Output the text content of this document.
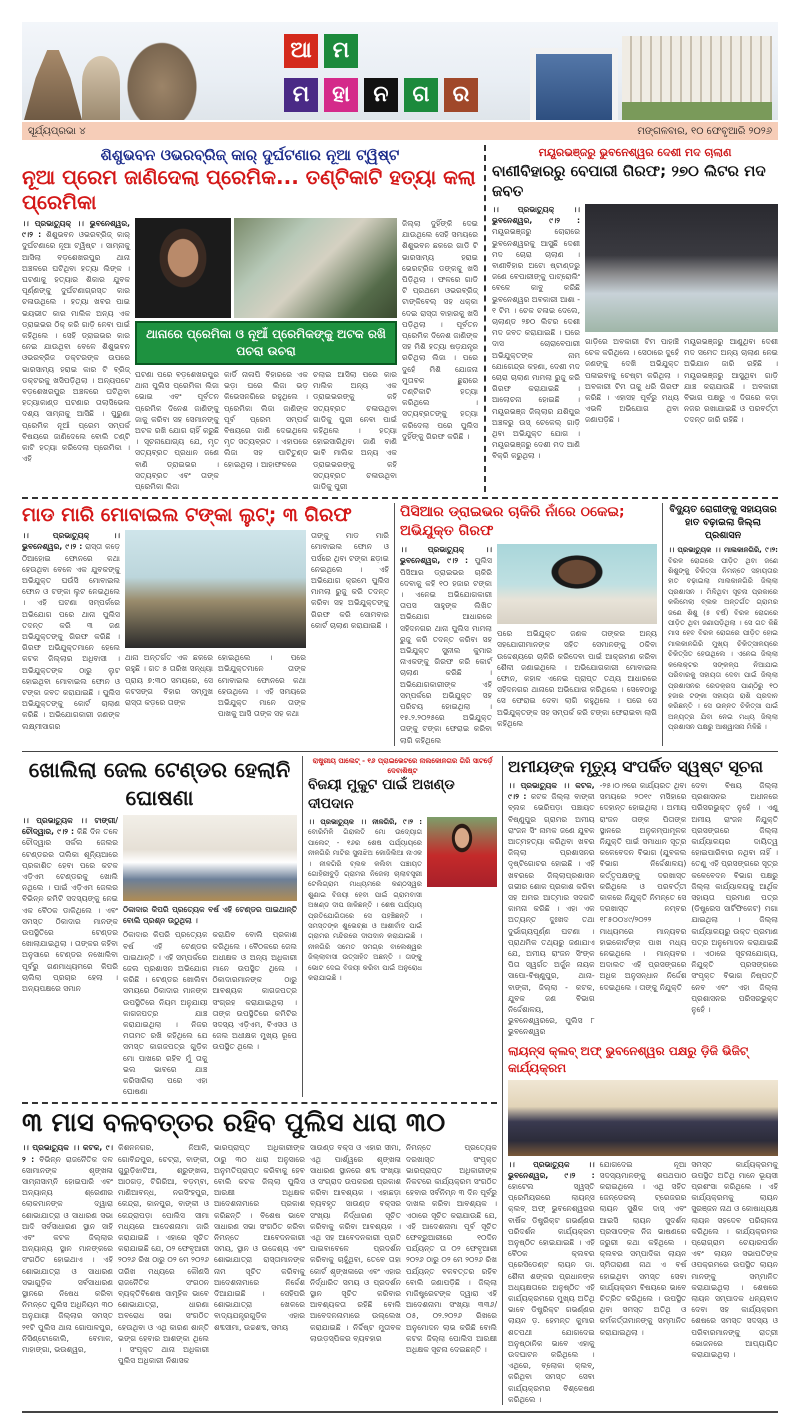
ଆ ମ
ମ	ହା	ନ	ଗ	ର
ସୂର୍ଯ୍ୟପ୍ରଭା ୪	ମଙ୍ଗଳବାର, ୧୦ ଫେବୃଆରି ୨୦୨୬
ଶିଶୁଭବନ ଓଭରବ୍ରିଜ୍ କାର୍ ଦୁର୍ଘଟଣାର ନୂଆ ଟ୍ୱିଷ୍ଟ
ନୂଆ ପ୍ରେମ ଜାଣିଦେଲା ପ୍ରେମିକ... ତଣ୍ଟିକାଟି ହତ୍ୟା କଲା ପ୍ରେମିକା
।। ପ୍ରଭାତ୍ୟୁକ୍ ।। ଭୁବନେଶ୍ୱର, ୯।୨ : ଶିଶୁଭବନ ଓଭରବ୍ରିଜ୍ କାର୍ ଦୁର୍ଘଟଣାରେ ନୂଆ ଟ୍ୱିଷ୍ଟ । ସାମ୍ନାକୁ ଆସିଲା ବଡ଼ଶେଖରପୁର ଥାନା ଅଞ୍ଚଳରେ ଘଟିଥିବା ହତ୍ୟା ଲିଙ୍କ । ଘଟଣାକୁ ହତ୍ୟାର ଶିକାର ଯୁବକ ପୂର୍ଣ୍ଣଙ୍କୁ ଦୁର୍ଘଟଣାଗ୍ରସ୍ତ କାର ଚଳାଉଥିଲେ । ହତ୍ୟା ଖବର ପାଇ ଭୟଭୀତ କାର ମାଲିକ ଅନ୍ୟ ଏକ ଡ୍ରାଇଭର ଠିକ୍ କରି ଗାଡ଼ି ନେବା ପାଇଁ କହିଥିଲେ । ସେହି ଡ୍ରାଇଭର କାର ନେଇ ଯାଉଥିବା ବେଳେ ଶିଶୁଭବନ ଓଭରବ୍ରିଜ ଡକ୍ଟରଙ୍କ ଉପରେ ଭାରସାମ୍ୟ ହରାଇ କାର ଟି ବ୍ରିଜ୍ ଡକ୍ଟରକୁ ଖସିପଡ଼ିଥିଲା । ଅନ୍ୟପଟେ ବଡ଼ଶେଖରପୁର ଅଞ୍ଚଳରେ ଘଟିଥିବା ହତ୍ୟାକାଣ୍ଡ ଘଟଣାର ତାଲାସିଭେଲ ଦଶ୍ୟ ସାମ୍ନାକୁ ଆସିଛି । ପୁରୁଣା ପ୍ରେମିକ ନୂଆଁ ପ୍ରେମ ସମ୍ପର୍କ ବିଷୟରେ ଜାଣିଦେଲେ ବୋଲି ତଣ୍ଟି କାଟି ହତ୍ୟା କରିଦେଲା ପ୍ରେମିକା । ଏହି
ଥାନାରେ ପ୍ରେମିକା ଓ ନୂଆଁ ପ୍ରେମିକଙ୍କୁ ଅଟକ ରଖି ପଚରା ଉଚରା
ଘଟଣା ପରେ ବଡ଼ଶେଖରପୁର ଥାନା ପୁଲିସ ପ୍ରେମିକା ଲିଜା ଭୋଇ ଏବଂ ପୂର୍ବତନ ପ୍ରେମିକ ଦିନେଶ ଜାଣିଙ୍କୁ ଜାକୁ କରିବା ସହ ସେମାନଙ୍କୁ ଅଟକ ରଖି ଯୋଗ ଚାହିଁ କରୁଛି । ସୂଚନାଯୋଗ୍ୟ ଯେ, ମୃତ ସତ୍ୟବ୍ରତ ପ୍ରଧାନ ଜଣେ ବାଣି ଡ୍ରାଇଭର । ସତ୍ୟବ୍ରତ ଏବଂ ତାଙ୍କ ପ୍ରେମିକା ଲିଜା
କାର୍ଡି ନାଳାପି ବିହାରରେ ଏକ ଭଡ଼ା ଘରେ ଲିଜା ଭଡ଼ କିଭେସନଗିରେ ରହୁଥିଲେ । ପ୍ରେମିକା ଲିଜା ଜାଣିଙ୍କ ପୂର୍ବ ପ୍ରେମ ସମ୍ପର୍କ ବିଷୟରେ ଜାଣି ଦେଇଥିଲେ ମୃତ ସତ୍ୟବ୍ରତ । ଏହାପରେ ଲିଜା ସହ ପାଟିତୁଣ୍ଡ ହୋଇଥିଲା । ଆହାଫଳରେ
ଚଲାଇ ଆସିଲା ପରେ କାର ମାଲିକ ଅନ୍ୟ ଏକ ଡ୍ରାଇଭରଙ୍କୁ କହି ସତ୍ୟବ୍ରତ ଚଳାଉଥିବା ଗାଡିକୁ ପୁରୀ ନେବା ପାଇଁ କହିଥିଲେ । ହତ୍ୟା ହୋଇସାରିଥିବା ଜାଣି ବାଣି ଭାବି ମାଲିକ ଅନ୍ୟ ଏକ ଡ୍ରାଇଭରଙ୍କୁ କହି ସତ୍ୟବ୍ରତ ଚଳାଉଥିବା ଗାଡିକୁ ପୁରୀ
ଜିଲ୍ଲା ଦୁହିଁଙ୍କି ଦେଇ ଯାଉଥିଲେ ସେହି ସମୟରେ ଶିଶୁଭବନ ଛକରେ ଗାଡି ଟି ଭାରସାମ୍ୟ ହରାଇ ଭେରଟ୍ରିଜ ଡଙ୍କକୁ ଖସି ପିଡ଼ିଥିଲା । ଫଳରେ ଗାଡି ଟି ପ୍ରଥମେ ଓଭରବ୍ରିଜ୍ ଟାଙ୍କିବେଲ୍ ସହ ଧକ୍କା ଦେଇ ରାସ୍ତା ବାହାରକୁ ଖସି ପଡ଼ିଥିଲା । ପୂର୍ବତନ ପ୍ରେମିକ ଦିନେଶ ଜାଣିଙ୍କ ସହ ମିଶି ହତ୍ୟା ଷଡ଼ଯନ୍ତ୍ର ରଚିଥିଲା ଲିଜା । ପରେ ଦୁହେଁ ମିଶି ଯୋଜନା ମୁତାବକ ଛୁରାରେ ତଣ୍ଟିକାଟି ହତ୍ୟା କରିଥିଲେ । ସତ୍ୟବ୍ରତଙ୍କୁ ହତ୍ୟା କରିଦେଲା ପରେ ପୁଲିସ ଦୁହିଁଙ୍କୁ ଗିରଫ କରିଛି ।
ମୟୂରଭଞ୍ଜରୁ ଭୁବନେଶ୍ୱର ଦେଶୀ ମଦ ଚାଲାଣ
ବାଣୀବିହାରରୁ ବେପାରୀ ଗିରଫ; ୨୭୦ ଲିଟର ମଦ ଜବତ
।। ପ୍ରଭାତ୍ୟୁକ୍ ।। ଭୁବନେଶ୍ୱର, ୯।୨ : ମୟୂରଭଞ୍ଜରୁ ଚୋରାରେ ଭୁବନେଶ୍ୱରକୁ ଆସୁଛି ଦେଶୀ ମଦ ଚୋରା ଚାଲାଣ । ବାଣୀବିହାର ଅଟୋ ଷ୍ଟାଣ୍ଡରୁ ଜଣେ ବେପାରୀଙ୍କୁ ପାଟ୍ରୋଲିଂ ବେଳେ କାବୁ କରିଛି ଭୁବନେଶ୍ୱର ଅବକାରୀ ଆଶା - ୧ ଟିମ । ଚେକ ଚଳାଇ ଦେଲେ, ଚାଲାଣ୍ଡ ୨୭୦ ଲିଟର ଦେଶୀ ମଦ ଜବତ କରାଯାଇଛି । ଘରେ ଦାସ ଚୋରାବେପାରୀ ଅଭିଯୁକ୍ତଙ୍କ ନାମ ଯୋଗେନ୍ଦ୍ର କହଣା, ଦେଶୀ ମଦ ଚୋରା ଚାଲାଣ ମାମଲା ରୁଜୁ କରି ଗିରଫ କରାଯାଇଛି । ଆଲୋଚନା ହୋଇଛି । ମୟୂରଭଞ୍ଜ ଜିଲ୍ଲାର ଯଶିପୁର ଅଞ୍ଚଳରୁ ଉସ୍ ଚେକେଲ୍ ଗାଡ଼ି ଥିବା ଅଭିଯୁକ୍ତ ଯୋଗ । ମୟୂରଭଞ୍ଜରୁ ଦେଶୀ ମଦ ଆଣି ବିକ୍ରି କରୁଥିଲା ।
ଗାଡ଼ିରେ ଅବକାରୀ ଟିମ ପାହାଞ୍ଚି ଚେକ କରିଥିଲେ । ସେଠାରେ ଦୁହେଁ ଜଣଙ୍କୁ ଦେଖି ଅଭିଯୁକ୍ତ ପଳାଇବାକୁ ଚେଷ୍ଟା କରିଥିଲା । ଅବକାରୀ ଟିମ ତାକୁ ଧରି ଗିରଫ କରିଛି । ଏହାସହ ପୂର୍ବରୁ ମଧ୍ୟ ଏଭଳି ଅଭିଯୋଗ ଥିବା ଜଣାପଡ଼ିଛି ।
ମୟୂରଭଞ୍ଜରୁ ଆଣୁଥିବା ଦେଶୀ ମଦ ସମେତ ଅନ୍ୟ ଚାଲାଣ ନେଇ ଅଭିଯାନ ଜାରି ରହିଛି । ମୟୂରଭଞ୍ଜରୁ ଆସୁଥିବା ଗାଡ଼ି ଯାଞ୍ଚ କରାଯାଉଛି । ଅବକାରୀ ବିଭାଗ ପକ୍ଷରୁ ଏ ଦିଗରେ କଡ଼ା ନଜର ରଖାଯାଇଛି ଓ ପରବର୍ତ୍ତୀ ତଦନ୍ତ ଜାରି ରହିଛି ।
ମାଡ ମାରି ମୋବାଇଲ ଟଙ୍କା ଲୁଟ୍; ୩ ଗିରଫ
।। ପ୍ରଭାତ୍ୟୁକ୍ ।। ଭୁବନେଶ୍ୱର, ୯।୨ : ରାସ୍ତା କଡ଼େ ଠିଆହୋଇ ଫୋନରେ କଥା ହେଉଥିବା ବେଳେ ଏକ ଯୁବକଙ୍କୁ ଅଭିଯୁକ୍ତ ଘଉଁସି ମୋବାଇଲ ଫୋନ ଓ ଟଙ୍କା ଲୁଟ ନେଇଥିଲେ । ଏହି ଘଟଣା ସମ୍ପର୍କରେ ଅଭିଯୋଗ ପରେ ଥାନା ପୁଲିସ ତଦନ୍ତ କରି ୩ ଜଣ ଅଭିଯୁକ୍ତଙ୍କୁ ଗିରଫ କରିଛି । ଗିରଫ ଅଭିଯୁକ୍ତମାନେ ହେଲେ କଟକ ଜିଲ୍ଲାର ଅଧିବାସୀ । ଅଭିଯୁକ୍ତଙ୍କ ଠାରୁ ଲୁଟ ହୋଇଥିବା ମୋବାଇଲ ଫୋନ ଓ ଟଙ୍କା ଜବତ କରାଯାଇଛି । ପୁଲିସ ଅଭିଯୁକ୍ତଙ୍କୁ କୋର୍ଟ ଚାଲାଣ କରିଛି । ଅଭିଯୋଗକାରୀ ଜଣଙ୍କ ଲକ୍ଷ୍ମୀସାଗର
ଥାନା ଅନ୍ତର୍ଗତ ଏକ ଛକରେ ରହୁଛି । ଗତ ୫ ତାରିଖ ସନ୍ଧ୍ୟା ପ୍ରାୟ ୭:୩୦ ସମୟରେ, ସେ କଟସଙ୍ଗ ବିହାର ସମ୍ମୁଖ ରାସ୍ତା କଡ଼ରେ ତାଙ୍କ
ହୋଇଥିଲେ । ପରେ ଅଭିଯୁକ୍ତମାନେ ତାଙ୍କ ମୋବାଇଲ ଫୋନରେ କଥା ହେଉଥିଲେ । ଏହି ସମୟରେ ଅଭିଯୁକ୍ତ ମାନେ ତାଙ୍କ ପାଖକୁ ଆସି ତାଙ୍କ ସହ କଥା
ତାଙ୍କୁ ମାଡ ମାରି ମୋବାଇଲ ଫୋନ ଓ ପର୍ସରେ ଥିବା ଟଙ୍କା ଛଡ଼ାଇ ନେଇଥିଲେ । ଏହି ଅଭିଯୋଗ କ୍ରମେ ପୁଲିସ ମାମଲା ରୁଜୁ କରି ତଦନ୍ତ କରିବା ସହ ଅଭିଯୁକ୍ତଙ୍କୁ ଗିରଫ କରି ସୋମବାର କୋର୍ଟ ଚାଲାଣ କରାଯାଇଛି ।
ପିସିଆର ଡ୍ରାଇଭର ଚାକିରି ନାଁରେ ଠକେଇ; ଅଭିଯୁକ୍ତ ଗିରଫ
।। ପ୍ରଭାତ୍ୟୁକ୍ ।। ଭୁବନେଶ୍ୱର, ୯।୨ : ପୁଲିସ ପିସିଆର ଡ୍ରାଇଭର ଚାକିରି ଦେବାକୁ କହି ୧୦ ହଜାର ଟଙ୍କା । ଏନେଇ ଅଭିଯୋଗକାରୀ ତାପସ ସାହୁଙ୍କ ଲିଖିତ ଅଭିଯୋଗ ଆଧାରରେ ସହିଦନଗର ଥାନା ପୁଲିସ ମାମଲା ରୁଜୁ କରି ତଦନ୍ତ କରିବା ସହ ଅଭିଯୁକ୍ତ ସୁନୀଲ କୁମାର ନାଏକଙ୍କୁ ଗିରଫ କରି କୋର୍ଟ ଚାଲାଣ କରିଛି । ଅଭିଯୋଗକାରୀଙ୍କ ଏହି ସମ୍ପର୍କରେ ଅଭିଯୁକ୍ତ ସହ ପରିଚୟ ହୋଇଥିଲା । ୧୫.୨.୨୦୨୫ରେ ଅଭିଯୁକ୍ତ ତାଙ୍କୁ ଟଙ୍କା ଫେରାଇ କରିବା ଲାଗି କହିଥିଲେ
ପରେ ଅଭିଯୁକ୍ତ ଜଣକ ତାଙ୍କର ଅନ୍ୟ ସହଯୋଗୀମାନଙ୍କ ସହିତ ସେମାନଙ୍କୁ ଠକିବା ଉଦ୍ଦେଶ୍ୟରେ ଚାକିରି କରିଦେବା ପାଇଁ ଆକ୍ରମଣ କରିବା ଶୈଳୀ ଜଣାଇଥିଲେ । ଅଭିଯୋଗକାରୀ ମୋବାଇଲ ଫୋନ, କହାଳ ଏନେଇ ପ୍ରାପ୍ତ ତଥ୍ୟ ଆଧାରରେ ସହିଦନଗର ଥାନାରେ ଅଭିଯୋଗ କରିଥିଲେ । ସେବେଠାରୁ ସେ ଫେରାଇ ଦେବା ଲାଗି କହୁଥିଲେ । ପରେ ସେ ଅଭିଯୁକ୍ତଙ୍କ ସହ ସମ୍ପର୍କ କରି ଟଙ୍କା ଫେରାଇବା ଲାଗି କହିଥିଲେ
ବିଦ୍ୟୁତ ରୋଗୀଙ୍କୁ ସହାୟତାର ହାତ ବଢ଼ାଇଲା ଜିଲ୍ଲା ପ୍ରଶାସନ
।। ପ୍ରଭାତ୍ୟୁକ ।। ମାଲକାନଗିରି, ୯।୨: ବିରଳ ରୋଗରେ ପୀଡ଼ିତ ଥିବା ଜଣେ ଶିଶୁଙ୍କୁ ଚିକିତ୍ସା ନିମନ୍ତେ ସହାୟତାର ହାତ ବଢ଼ାଇଲା ମାଲକାନଗିରି ଜିଲ୍ଲା ପ୍ରଶାସନ । ମିଳିଥିବା ସୂଚନା ପ୍ରକାରେ କଲିମେଲା ବ୍ଲକ ଅନ୍ତର୍ଗତ ଗ୍ରାମର ଜଣେ ଶିଶୁ (୫ ବର୍ଷ) ବିରଳ ରୋଗରେ ପୀଡ଼ିତ ଥିବା ଜଣାପଡ଼ିଥିଲା । ସେ ଗତ କିଛି ମାସ ହେବ ବିରଳ ରୋଗରେ ପୀଡ଼ିତ ହୋଇ ମାଲକାନଗିରି ମୁଖ୍ୟ ଚିକିତ୍ସାଳୟରେ ଚିକିତ୍ସିତ ହେଉଥିଲେ । ଏନେଇ ଜିଲ୍ଲା କଲେକ୍ଟର ସଙ୍କଳ୍ପ ନିଆଯାଇ ପରିବାରକୁ ସହାୟତା ଦେବା ପାଇଁ ଜିଲ୍ଲା ପ୍ରଶାସନର ରେଡକ୍ରସ ପାଣ୍ଠିରୁ ୧୦ ହଜାର ଟଙ୍କା ସହାୟତା ରାଶି ପ୍ରଦାନ କରିଛନ୍ତି । ସେ ଉନ୍ନତ ଚିକିତ୍ସା ପାଇଁ ଅନ୍ୟତ୍ର ଯିବା ନେଇ ମଧ୍ୟ ଜିଲ୍ଲା ପ୍ରଶାସନ ପକ୍ଷରୁ ଆଶ୍ୱାସନା ମିଳିଛି ।
ଖୋଲିଲା ଜେଲ ଟେଣ୍ଡର ହେଲାନି ଘୋଷଣା
।। ପ୍ରଭାତ୍ୟୁକ ।। ଟାଙ୍ଗୀ/ ଚୌଦ୍ୱାର, ୯।୨ : କିଛି ଦିନ ତଳେ ଚୌଦ୍ୱାର ସର୍କଲ ଜେଲର ଟେଣ୍ଡରର ତାଲିକା ଶୂନ୍ୟିଆରେ ପ୍ରକାଶିତ ହେବା ପରେ କଟକ ଏଡ଼ିଏମ ଟେଣ୍ଡରକୁ ଖୋଲି ନଥିଲେ । ପାଇଁ ଏଡ଼ିଏମ ଜେଲର ବିଭିନ୍ନ କମିଟି ସଦସ୍ୟଙ୍କୁ ନେଇ ଏକ ବୈଠକ ଡାକିଥିଲେ । ଏବଂ ସମସ୍ତ ଠିକାଦାର ମାନଙ୍କ ଉପସ୍ଥିତିରେ ଟେଣ୍ଡର ଖୋଲାଯାଇଥିଲା । ତାଙ୍କର କହିବା ଅନୁସାରେ ଟେଣ୍ଡର ନଖୋଲିବା ପୂର୍ବରୁ ଗଣମାଧ୍ୟମରେ କିପରି ଚାଲିଲା ପ୍ରଚାର ହେଲା । ଅନ୍ୟପକ୍ଷରେ ସମାନ
ଠିକାଦାର କିପରି ପ୍ରତ୍ୟେକ ବର୍ଷ ଏହି ଟେଣ୍ଡର ପାଇଥାନ୍ତି ବୋଲି ପ୍ରଶ୍ନ ଉଠୁଥିଲା ।
ଠିକାଦାର କିପରି ପ୍ରତ୍ୟେକ ବର୍ଷ ଏହି ଟେଣ୍ଡର ପାଇଥାନ୍ତି । ଏହି ସମ୍ପର୍କରେ ଜେଲ ପ୍ରଶାସନ ଅଭିଯୋଗ କରିଛି । ଟେଣ୍ଡର ଖୋଲିବା ସମୟରେ ଠିକାଦାର ମାନଙ୍କ ଉପସ୍ଥିତିରେ ନିୟମ ଅନୁଯାୟୀ କାଗଜପତ୍ର ଯାଞ୍ଚ କରାଯାଇଥିଲା । ନିଜର ମତାମତ ରଖି କହିଥିଲେ ଯେ ସମସ୍ତ କାଗଜପତ୍ର ଗୁଡ଼ିକ ମୋ ପାଖରେ ରହିବ ମୁଁ ତାକୁ ଭଲ ଭାବରେ ଯାଞ୍ଚ କରିସାରିଲା ପରେ ଏହା ଘୋଷଣା
କରାଯିବ ବୋଲି ପ୍ରକାଶ କରିଥିଲେ । ବୈଠକରେ ଜେଲ ଅଧୀକ୍ଷକ ଓ ଅନ୍ୟ ଅଧିକାରୀ ମାନେ ଉପସ୍ଥିତ ଥିଲେ । ଠିକାଦାରମାନଙ୍କ ଠାରୁ ଆବଶ୍ୟକ କାଗଜପତ୍ର ସଂଗ୍ରହ କରାଯାଇଥିଲା । ତାଙ୍କ ଉପସ୍ଥିତିରେ କମିଟିର ସଦସ୍ୟ ଏଡ଼ିଏମ, ବିଏସଓ ଓ ଜେଲ ଅଧୀକ୍ଷକ ମୁଖ୍ୟ ରୂପେ ଉପସ୍ଥିତ ଥିଲେ ।
ରାଷ୍ଟ୍ରୀୟ ପାଲେଟ୍ - ୧୬ ପ୍ରାଇଭେଟରେ ନାଲକୋନଗର ଗିରି ସାଟର୍ଡ଼େ ଦେବାଶିଷ୍ଟ
ବିଜୟୀ ମୁକୁଟ ପାଇଁ ଅଖଣ୍ଡ ଦୀପଦାନ
।। ପ୍ରଭାତ୍ୟୁକ ।। ନୀଳଗିରି, ୯।୨ : ବୋରିମିଳି ଗିରାଲତି ମୋ ଉଦ୍ୟୋଗ ପାଲେଟ୍ - ୧୬ର ଶେଷ ପର୍ଯ୍ୟାୟରେ ନୀଳଗିରି ମାଟିର ସୁନାଝିଅ କୋଜିଲିଆ ନାଏକ । ନୀଳଗିରି ବ୍ଲକ କଲିବା ପଞ୍ଚାୟତ ଗୋହିରୀବୁଡ଼ି ଗ୍ରାମର ନିଜେଲା ଚାଲାବସ୍ତ୍ରୀ ଟେଲିଗ୍ରାମ ମାଧ୍ୟମରେ କଣ୍ଠସ୍ୱର ଶୁଣାଇ ବିଜୟୀ ହେବା ପାଇଁ ଗ୍ରାମବାସୀ ଅଖଣ୍ଡ ଦୀପ ଜାଳିଛନ୍ତି । ଶେଷ ପର୍ଯ୍ୟାୟ ପ୍ରତିଯୋଗିତାରେ ସେ ପହଞ୍ଚିଛନ୍ତି । ସମସ୍ତଙ୍କ ଶୁଭେଚ୍ଛା ଓ ଆଶୀର୍ବାଦ ପାଇଁ ଗ୍ରାମର ମନ୍ଦିରରେ ଦୀପଦାନ କରାଯାଇଛି । ନୀଳଗିରି ସମେତ ସମଗ୍ର ବାଲେଶ୍ୱର ଜିଲ୍ଲାବାସୀ ଉତ୍ସାହିତ ଅଛନ୍ତି । ତାଙ୍କୁ ଭୋଟ ଦେଇ ବିଜୟୀ କରିବା ପାଇଁ ଅନୁରୋଧ କରାଯାଇଛି ।
୩ ମାସ ବଳବତ୍ତର ରହିବ ପୁଲିସ ଧାରା ୩୦
।। ପ୍ରଭାତ୍ୟୁକ ।। କଟକ, ୯।୨ : ବିଭିନ୍ନ ରାଜନୈତିକ ଦଳ ସୋମାନଙ୍କ ଶୃଙ୍ଖଳା ସାମ୍ନାସାମ୍ନି ହୋଇପାରି ଏବଂ ଅନ୍ୟାନ୍ୟ ଶ୍ରେଣୀର ଲୋକମାନଙ୍କ ଦ୍ୱାରା ଶୋଭାଯାତ୍ରା ଓ ସାଧାରଣ ସଭା ଆଦି ସର୍ବସାଧାରଣ ସ୍ଥାନ ସାହି ଏବଂ କଟକ ଜିଲ୍ଲାର ଅନ୍ୟାନ୍ୟ ସ୍ଥାନ ମାନଙ୍କରେ ସଂଗଠିତ ହୋଇଥାଏ । ଏହି ଶୋଭାଯାତ୍ରା ଓ ସାଧାରଣ ସଭାଗୁଡ଼ିକ ସର୍ବସାଧାରଣ ସ୍ଥାନରେ ନିଷେଧ କରିବା ନିମନ୍ତେ ପୁଲିସ ଅଧିନିୟମ ୩୦ ଅନୁଯାୟୀ ଜିଲ୍ଲାର ସମସ୍ତ ୨୧ଟି ପୁଲିସ ଥାନା ଗୋପାଳପୁର, ନିସିଣ୍ଟୋକୋଲି, ବେମାଳ, ମାହାଙ୍ଗା, ଭଉଶ୍ୱର,
କିଶନନଗର, ନିଆଳି, ଗୋବିନ୍ଦପୁର, ଚେଟ୍ରା, ବାଙ୍କୀ, ଗୁରୁଡ଼ିଝାଟିଆ, ଶ୍ରୁଙ୍ଖଳା, ଆଠଗଡ଼, ଟିଗିରିଆ, ବଡ଼ମ୍ବା, ମାଣିଆବନ୍ଧ, ନରସିଂହପୁର, କେନ୍ଦ୍ରା, କାନପୁର, ବାଙ୍କୀ ଓ କେନ୍ଦ୍ରାପଡ଼ା ପୋଲିସ ସୀମା ମଧ୍ୟରେ ଆଦେଶନାମା ଜାରି କରାଯାଇଛି । ଏହାରେ ସୂଚିତ କରାଯାଇଛି ଯେ, ୦୨ ଫେବୃଆରୀ ୨୦୨୬ ରିଖ ଠାରୁ ୦୨ ମେ ୨୦୨୬ ତାରିଖ ମଧ୍ୟରେ କୌଣସି ରାଜନୈତିକ ସଂଗଠନ ବ୍ୟକ୍ତିବିଶେଷ ସାମୂହିକ ଭାବେ ଶୋଭାଯାତ୍ରା, ଧାରଣା ଅବରୋଧ ସଭା ସଂଗଠିତ ହେଉଥିବା ଓ ଏଥି କାରଣ ଶାନ୍ତି ଭଙ୍ଗ ହେବାର ଆଶଙ୍କା ଥିଲେ । ସଂପୃକ୍ତ ଥାନା ଅଧିକାରୀ ପୁଲିସ ଅଧିକାରୀ ନିଶାସକ
ଭାରପ୍ରାପ୍ତ ଅଧିକାରୀଙ୍କ ଠାରୁ ୩୦ ଧାରା ଅନୁସାରେ ଅନୁମତିପ୍ରାପ୍ତ କରିବାକୁ ହେବ ବୋଲି କଟକ ଜିଲ୍ଲା ପୁଲିସ ଆରକ୍ଷୀ ଅଧିକ୍ଷକ ଆଦେଶନାମାରେ ପ୍ରକାଶ କରିଛନ୍ତି । ବିଶେଷ ଭାବେ ସାଧାରଣ ସଭା ସଂଗଠିତ କରିବା ନିମନ୍ତେ ଆବେଦନକାରୀ ସମୟ, ସ୍ଥାନ ଓ ଉଦ୍ଦେଶ୍ୟ ଏବଂ ଶୋଭାଯାତ୍ରା ରାସ୍ତାମାନଙ୍କ ନାମ ସୂଚିତ କରିବାକୁ ଆଦେଶନାମାରେ ନିର୍ଦ୍ଦେଶ ଦିଆଯାଇଛି । ସେହିପରି ଶୋଭାଯାତ୍ରା ଖେଳରେ ବାଦ୍ୟଯନ୍ତ୍ରଗୁଡ଼ିକ ଏହାର ଶବ୍ଦସୀମା, ଉଚ୍ଚଶବ୍ଦ, ସମୟ
ସାଉଣ୍ଡ ବକ୍ସ ଓ ଏହାର ସୀମା, ଏଥି ପାର୍ଶ୍ୱରେ ଶୃଙ୍ଖଳା ସାଧାରଣ ସ୍ଥାନରେ ଶବ୍ଦ ସଂଖ୍ୟା ଓ ସଂଗ୍ରାଦ ଉପକରଣ ପ୍ରକାଶ କରିବା ଆବଶ୍ୟକ । ଏହାଛଡ଼ା ବ୍ୟବହୃତ ସାଉଣ୍ଡ ବକ୍ସର ସଂଖ୍ୟା ନିର୍ଦ୍ଧାରଣ ସୂଚିତ କରିବାକୁ କରିବା ଆବଶ୍ୟକ । ଏଥି ସହ ଆବେଦନକାରୀ ପ୍ରତି ପାଇବାବେଳେ ପ୍ରଦର୍ଶନ କରିବାକୁ ଚାହୁଁଥିବା, ତେବେ ତାହା କୋର୍ଟ ଶୃଙ୍ଖଳାରେ ଏବଂ ଏହାର ନିର୍ଦ୍ଧାରିତ ସମୟ ଓ ପ୍ରଦର୍ଶନ ସ୍ଥାନ ସୂଚିତ କରିବାର ଆବଶ୍ୟକତା ରହିଛି ବୋଲି ଆବେଦନନାମାରେ ଉଲ୍ଲେଖ କରାଯାଇଛି । ନିର୍ଦ୍ଦିଷ୍ଟ ମୁତାବକ ଲାଉଡ଼ସ୍ପିକର ବ୍ୟବହାର
ନିମନ୍ତେ ପ୍ରତ୍ୟେକ ଦରଖାସ୍ତ ସଂପୃକ୍ତ ଭାରପ୍ରାପ୍ତ ଅଧିକାରୀଙ୍କ ନିକଟରେ କାର୍ଯ୍ୟକ୍ରମ ସଂଗଠିତ ହେବାର ସର୍ବନିମ୍ନ ୩ ଦିନ ପୂର୍ବରୁ ଦାଖଲ କରିବା ଆବଶ୍ୟକ । ଏଠାରେ ସୂଚିତ କରାଯାଉଛି ଯେ, ଏହି ଆଦେଶନାମା ପୂର୍ବ ସୂଚିତ ଫେବ୍ରୁଆରୀରେ ୧୦ଦିନ ପର୍ଯ୍ୟନ୍ତ ତା ୦୨ ଫେବୃଆରୀ ୨୦୨୬ ଠାରୁ ୦୨ ମେ ୨୦୨୬ ରିଖ ପର୍ଯ୍ୟନ୍ତ ବଳବତ୍ତର ରହିବ ବୋଲି ଜଣାପଡ଼ିଛି । ଜିଲ୍ଲା ମାଜିଷ୍ଟ୍ରେଟଙ୍କ ଦ୍ୱାରା ଏହି ଆଦେଶନାମା ସଂଖ୍ୟା ୩୩୬/ ୦୫, ୦୨.୨୦୨୬ ରିଖରେ ଅନୁମୋଦନ ଲାଭ କରିଛି ବୋଲି କଟକ ଜିଲ୍ଲା ପୋଲିସ ଆରକ୍ଷୀ ଅଧିକ୍ଷକ ସୂଚନା ଦେଇଛନ୍ତି ।
ଅମୀୟଙ୍କ ମୃତ୍ୟୁ ସଂପର୍କିତ ସ୍ୱଷ୍ଟ ସୂଚନା
।। ପ୍ରଭାତ୍ୟୁକ ।। କଟକ, ୯।୨ : କଟକ ଜିଲ୍ଲା ବାଙ୍କୀ ବ୍ଲକ ଭେରିପଡ଼ା ପଞ୍ଚାୟତ ବିଷ୍ଣୁପୁର ଗ୍ରାମର ଅମୀୟ ରାଂଜନ ସିଂ ନାମକ ଜଣେ ଯୁବକ ଆତ୍ମହତ୍ୟା କରିଥିବା ଖବର ଜିଲ୍ଲା ପ୍ରଶାସନର ଦୃଷ୍ଟିଗୋଚର ହୋଇଛି । ଏହି ଖବରରେ ଜିଲ୍ଲାପ୍ରଶାସନ ଗଭୀର ଶୋକ ପ୍ରକାଶ କରିବା ସହ ଅମର ଆତ୍ମାର ସଦଗତି କାମନା କରିଛି । ଏହା ଏକ ଅତ୍ୟନ୍ତ ଦୁଃଖଦ ତଥା ଦୁର୍ଭାଗ୍ୟପୂର୍ଣ୍ଣ ଘଟଣା । ପ୍ରାଥମିକ ତଥ୍ୟରୁ ଜଣାଯାଏ ଯେ, ଅମୀୟ ରାଂଜନ ସିଂଙ୍କ ପିତା ସ୍ୱର୍ଗତ ଅର୍ଜୁନ ନାୟକ ସାପୋ-ବିଷ୍ଣୁପୁର, ଥାନା- ବାଙ୍କୀ, ଜିଲ୍ଲା - କଟକ, ଯୁବକ ଜଣ ବିଭାଗ ନିର୍ଦ୍ଦେଶାଳୟ, ଭୁବନେଶ୍ୱରରେ, ପୁଲିସ ୮ ଭୁବନେଶ୍ୱର
-୨୫।୦।୨ରେ କାର୍ଯ୍ୟରତ ଥିବା ସମୟରେ ୨୦୧୯ ମସିହାରେ ଦେହାନ୍ତ ହୋଇଥିଲା । ଅମୀୟ ରାଂଜନ ତାଙ୍କ ପିତାଙ୍କ ସ୍ଥାନରେ ଅନୁକମ୍ପାମୂଳକ ନିଯୁକ୍ତି ପାଇଁ ସମାଧାନ ସୂତ୍ର କଳେବେଦନ ବିଭାଗ (ଯୁବକଲ ବିଭାଗ ନିର୍ଦ୍ଦେଶାଳୟ) କର୍ତ୍ତୃପକ୍ଷଙ୍କୁ ଦରଖାସ୍ତ କରିଥିଲେ ଓ ପରବର୍ତ୍ତୀ କାଳରେ ନିଯୁକ୍ତି ନିମନ୍ତେ ସେ ଦରଖାସ୍ତ ନମ୍ବର ୧୮୫୦୦୪୯/୨୦୨୨ ମାଧ୍ୟମରେ ମାନ୍ୟବର ହାଇକୋର୍ଟଙ୍କ ପାଖ ମଧ୍ୟ ନେଇଥିଲେ । ମାନ୍ୟବର ଅଦାଲତ ଏହି ପ୍ରସଙ୍ଗରେ ଅଧିକ ଅନୁସନ୍ଧାନ ନିର୍ଦ୍ଦେଶ ଦେଇଥିଲେ । ତାଙ୍କୁ ନିଯୁକ୍ତି
ଦେବା ବିଷୟ ଜିଲ୍ଲା ପ୍ରଶାସନର ଅଧୀନରେ ପରିସରଭୁକ୍ତ ନୁହେଁ । ଏଣୁ ଅମୀୟ ରାଂଜନ ନିଯୁକ୍ତି ପ୍ରସଙ୍ଗରେ ଜିଲ୍ଲା କାର୍ଯ୍ୟାଳୟର ଦାୟିତ୍ୱ ହୋଇପାରିବାର ନଥିବା ନାହିଁ । ତେଣୁ ଏହି ପ୍ରସଙ୍ଗରେ ସୂତ୍ର କଳେବେଦନ ବିଭାଗ ପକ୍ଷରୁ ଜିଲ୍ଲା କାର୍ଯ୍ୟାଳୟକୁ ଆର୍ଥିକ ସହାୟତା ପ୍ରମାଣ ପତ୍ର (ଡିଷ୍ଟ୍ରେସ ସାର୍ଟିଫିକେଟ) ମଗା ଯାଇଥିଲା । ଜିଲ୍ଲା କାର୍ଯ୍ୟାଳୟରୁ ଉକ୍ତ ପ୍ରମାଣ ପତ୍ର ଅନୁମୋଦନ କରାଯାଇଛି । ଏଠାରେ ସୂଚନାଯୋଗ୍ୟ, ନିଯୁକ୍ତି ପ୍ରସଙ୍ଗରେ ସଂପୃକ୍ତ ବିଭାଗ ନିଷ୍ପତ୍ତି ନେବ ଏବଂ ଏହା ଜିଲ୍ଲା ପ୍ରଶାସନର ପରିସରଭୁକ୍ତ ନୁହେଁ ।
ଲାୟନ୍ସ କ୍ଲବ୍ ଅଫ୍ ଭୁବନେଶ୍ୱର ପକ୍ଷରୁ ଡ଼ିଜି ଭିଜିଟ୍ କାର୍ଯ୍ୟକ୍ରମ
।। ପ୍ରଭାତ୍ୟୁକ ।। ଭୁବନେଶ୍ୱର, ୯।୨ : ହୋଟେଲ ସ୍ୱସ୍ତି ପ୍ରେମିୟରରେ ଲାୟନ୍ସ କ୍ଲବ୍ ଅଫ୍ ଭୁବନେଶ୍ୱରର ବାର୍ଷିକ ଡିଷ୍ଟ୍ରିକ୍ଟ ଗଭର୍ଣ୍ଣର ପରିଦର୍ଶନ କାର୍ଯ୍ୟକ୍ରମ ଅନୁଷ୍ଠିତ ହୋଇଯାଇଛି । ଏହି ବୈଠକ କ୍ଲବର ପ୍ରେସିଡେଣ୍ଟ ଲାୟନ ଡା. ଶୈଳୀ ଶଙ୍କର ପ୍ରଧାନଙ୍କ ଅଧ୍ୟକ୍ଷତାରେ ଅନୁଷ୍ଠିତ ଏହି କାର୍ଯ୍ୟକ୍ରମରେ ମୁଖ୍ୟ ଅତିଥି ଭାବେ ଡିଷ୍ଟ୍ରିକ୍ଟ ଗଭର୍ଣ୍ଣର ଲାୟନ ଡ଼. ହେମନ୍ତ କୁମାର ଶତପଥୀ ଯୋଗଦେଇ ଅନୁଷ୍ଠାନିକ ଭାବେ ଏହାକୁ ଉଦଘାଟନ କରିଥିଲେ । ଏଥିରେ, ବ୍ଲୋକା କ୍ଲବ୍, କରିଥିବା ସମସ୍ତ ସେବା କାର୍ଯ୍ୟକ୍ରମର ବିଶ୍ଳେଷଣ କରିଥିଲେ ।
ଯୋଗଦେଇ ନୂଆ ସଦସ୍ୟମାନଙ୍କୁ ଶପଥପାଠ କରାଇଥିଲେ । ଏଥି ସହିତ ଜେନ୍‌ଡେରଲ୍ ଟ୍ରେଜରର ଲାୟନ ସୁଶିଳ ଦାସ୍ ଏବଂ ଆଇସି ଲାୟନ ସୁଦର୍ଶନ ପ୍ରସାଦଙ୍କ ନିଜ ଭାଷଣରେ ଜରୁରୀ କଥା କହିଥିଲେ । କ୍ଲବର ସମ୍ପାଦିକା ଲାୟନ ସ୍ମିତାରାଣୀ ନାଥ ଏ ବର୍ଷ ହୋଇଥିବା ସମସ୍ତ ସେବା କାର୍ଯ୍ୟକ୍ରମ ବିଷୟରେ ଭାବେ ଚିତ୍ରିତ କରିଥିଲେ । ଉପସ୍ଥିତ ଥିବା ସମସ୍ତ ଅତିଥି ଓ କର୍ମକର୍ତ୍ତାମାନଙ୍କୁ ସମ୍ମାନିତ କରାଯାଇଥିଲା ।
ସମସ୍ତ କାର୍ଯ୍ୟକ୍ରମକୁ ଉପସ୍ଥିତ ଅତିଥି ମାନେ ଭୂୟସୀ ପ୍ରଶଂସା କରିଥିଲେ । ଏହି କାର୍ଯ୍ୟକ୍ରମକୁ ଲାୟନ ସୁରଞ୍ଜନ ନାଥ ଓ କୋଷାଧ୍ୟକ୍ଷ ଲାୟନ ସହଦେବ ପରିଚାଳନା କରିଥିଲେ । କାର୍ଯ୍ୟକ୍ରମର ପ୍ରୋଗ୍ରାମ ଚେୟାରପର୍ସନ ଏବଂ ଲାୟନ ସଭାପତିଙ୍କ ଓପକ୍ରମରେ ଉପସ୍ଥିତ ଲାୟନ ମାନଙ୍କୁ ସମ୍ମାନିତ କରାଯାଇଥିଲା । ଶେଷରେ ଲାୟନ ସମ୍ପାଦକ ଧନ୍ୟବାଦ ଦେବା ସହ କାର୍ଯ୍ୟକ୍ରମ ଶେଷରେ ସମସ୍ତ ସଦସ୍ୟ ଓ ପରିବାରମାନଙ୍କୁ ରାତ୍ରୀ ଭୋଜନରେ ଆପ୍ୟାୟିତ କରାଯାଇଥିଲା ।
